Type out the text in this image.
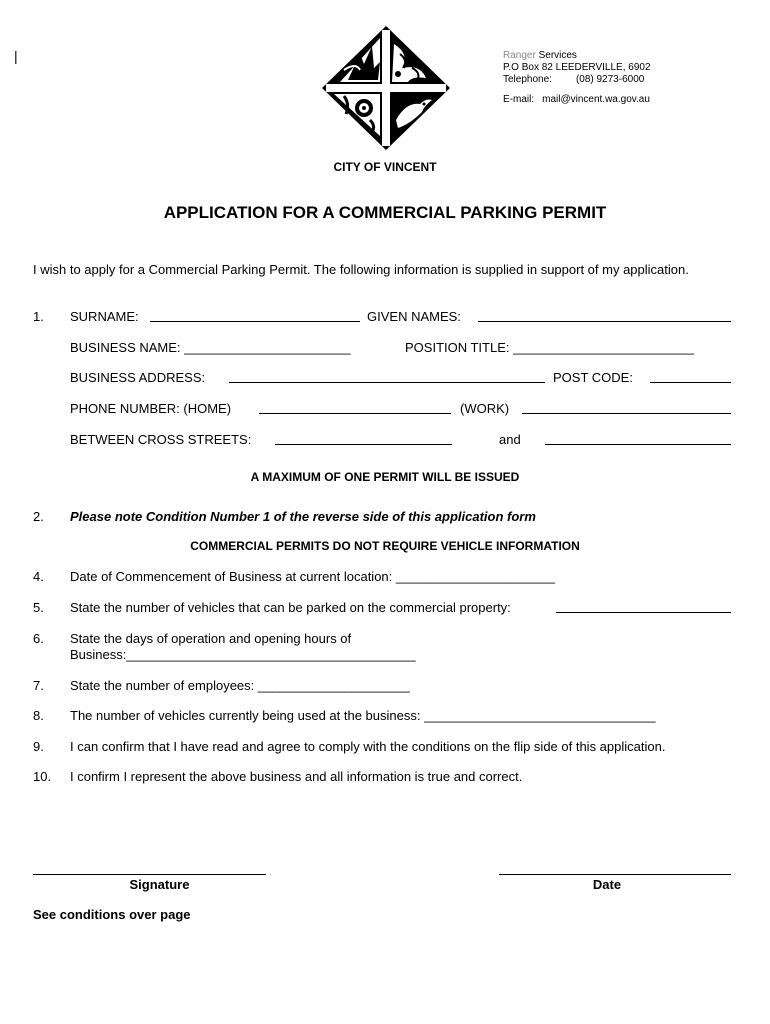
|	Ranger Services
P.O Box 82 LEEDERVILLE, 6902
Telephone: (08) 9273-6000
E-mail: mail@vincent.wa.gov.au
CITY OF VINCENT
APPLICATION FOR A COMMERCIAL PARKING PERMIT
I wish to apply for a Commercial Parking Permit. The following information is supplied in support of my application.
1. SURNAME:	GIVEN NAMES:
BUSINESS NAME: _______________________	POSITION TITLE: _________________________
BUSINESS ADDRESS:	POST CODE:
PHONE NUMBER: (HOME)	(WORK)
BETWEEN CROSS STREETS:	and
A MAXIMUM OF ONE PERMIT WILL BE ISSUED
2. Please note Condition Number 1 of the reverse side of this application form
COMMERCIAL PERMITS DO NOT REQUIRE VEHICLE INFORMATION
4. Date of Commencement of Business at current location: ______________________
5. State the number of vehicles that can be parked on the commercial property:
6. State the days of operation and opening hours of
Business:________________________________________
7. State the number of employees: _____________________
8. The number of vehicles currently being used at the business: ________________________________
9. I can confirm that I have read and agree to comply with the conditions on the flip side of this application.
10. I confirm I represent the above business and all information is true and correct.
Signature	Date
See conditions over page
